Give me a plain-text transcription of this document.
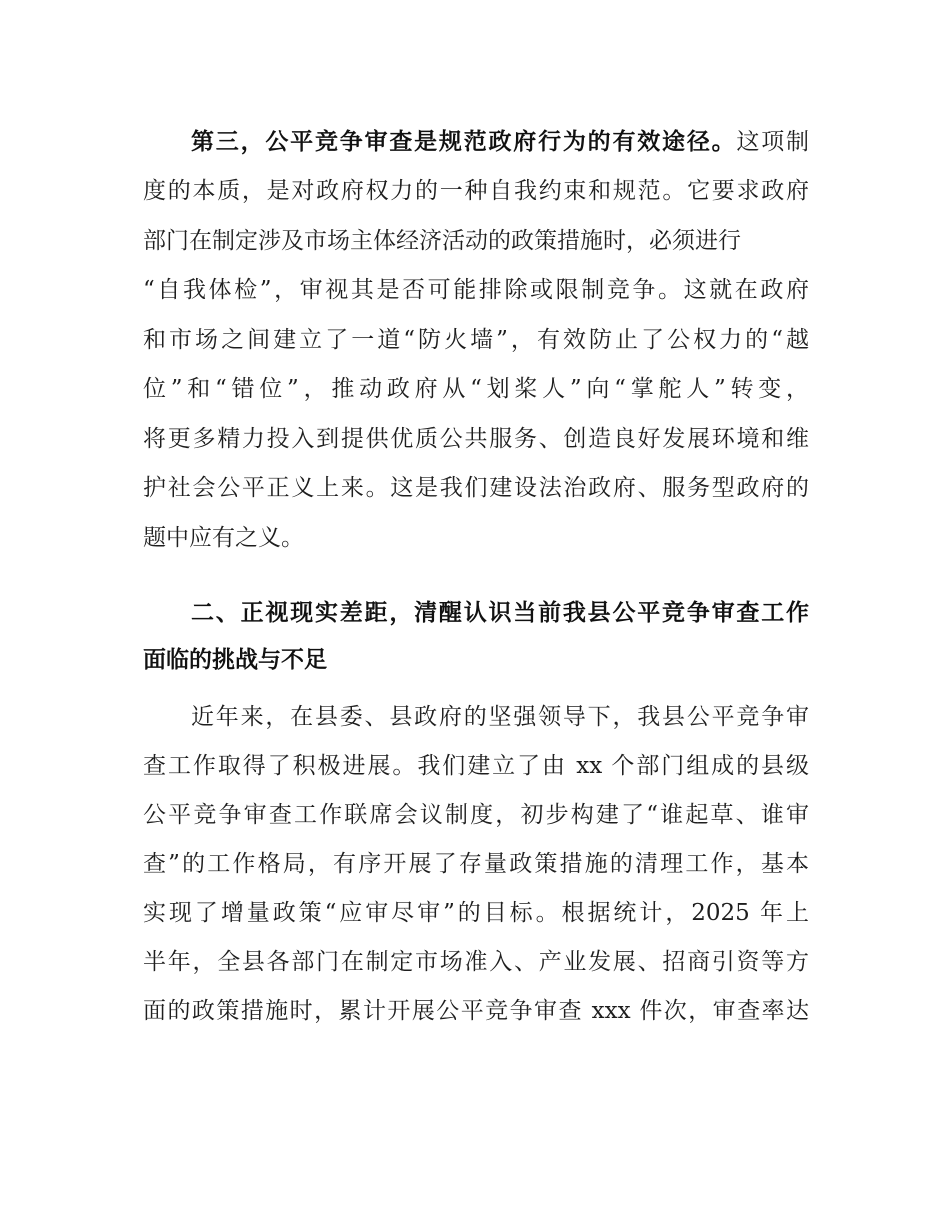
第三，公平竞争审查是规范政府行为的有效途径。这项制
度的本质，是对政府权力的一种自我约束和规范。它要求政府
部门在制定涉及市场主体经济活动的政策措施时，必须进行
“自我体检”，审视其是否可能排除或限制竞争。这就在政府
和市场之间建立了一道“防火墙”，有效防止了公权力的“越
位”和“错位”，推动政府从“划桨人”向“掌舵人”转变，
将更多精力投入到提供优质公共服务、创造良好发展环境和维
护社会公平正义上来。这是我们建设法治政府、服务型政府的
题中应有之义。
二、正视现实差距，清醒认识当前我县公平竞争审查工作
面临的挑战与不足
近年来，在县委、县政府的坚强领导下，我县公平竞争审
查工作取得了积极进展。我们建立了由 xx 个部门组成的县级
公平竞争审查工作联席会议制度，初步构建了“谁起草、谁审
查”的工作格局，有序开展了存量政策措施的清理工作，基本
实现了增量政策“应审尽审”的目标。根据统计，2025 年上
半年，全县各部门在制定市场准入、产业发展、招商引资等方
面的政策措施时，累计开展公平竞争审查 xxx 件次，审查率达
